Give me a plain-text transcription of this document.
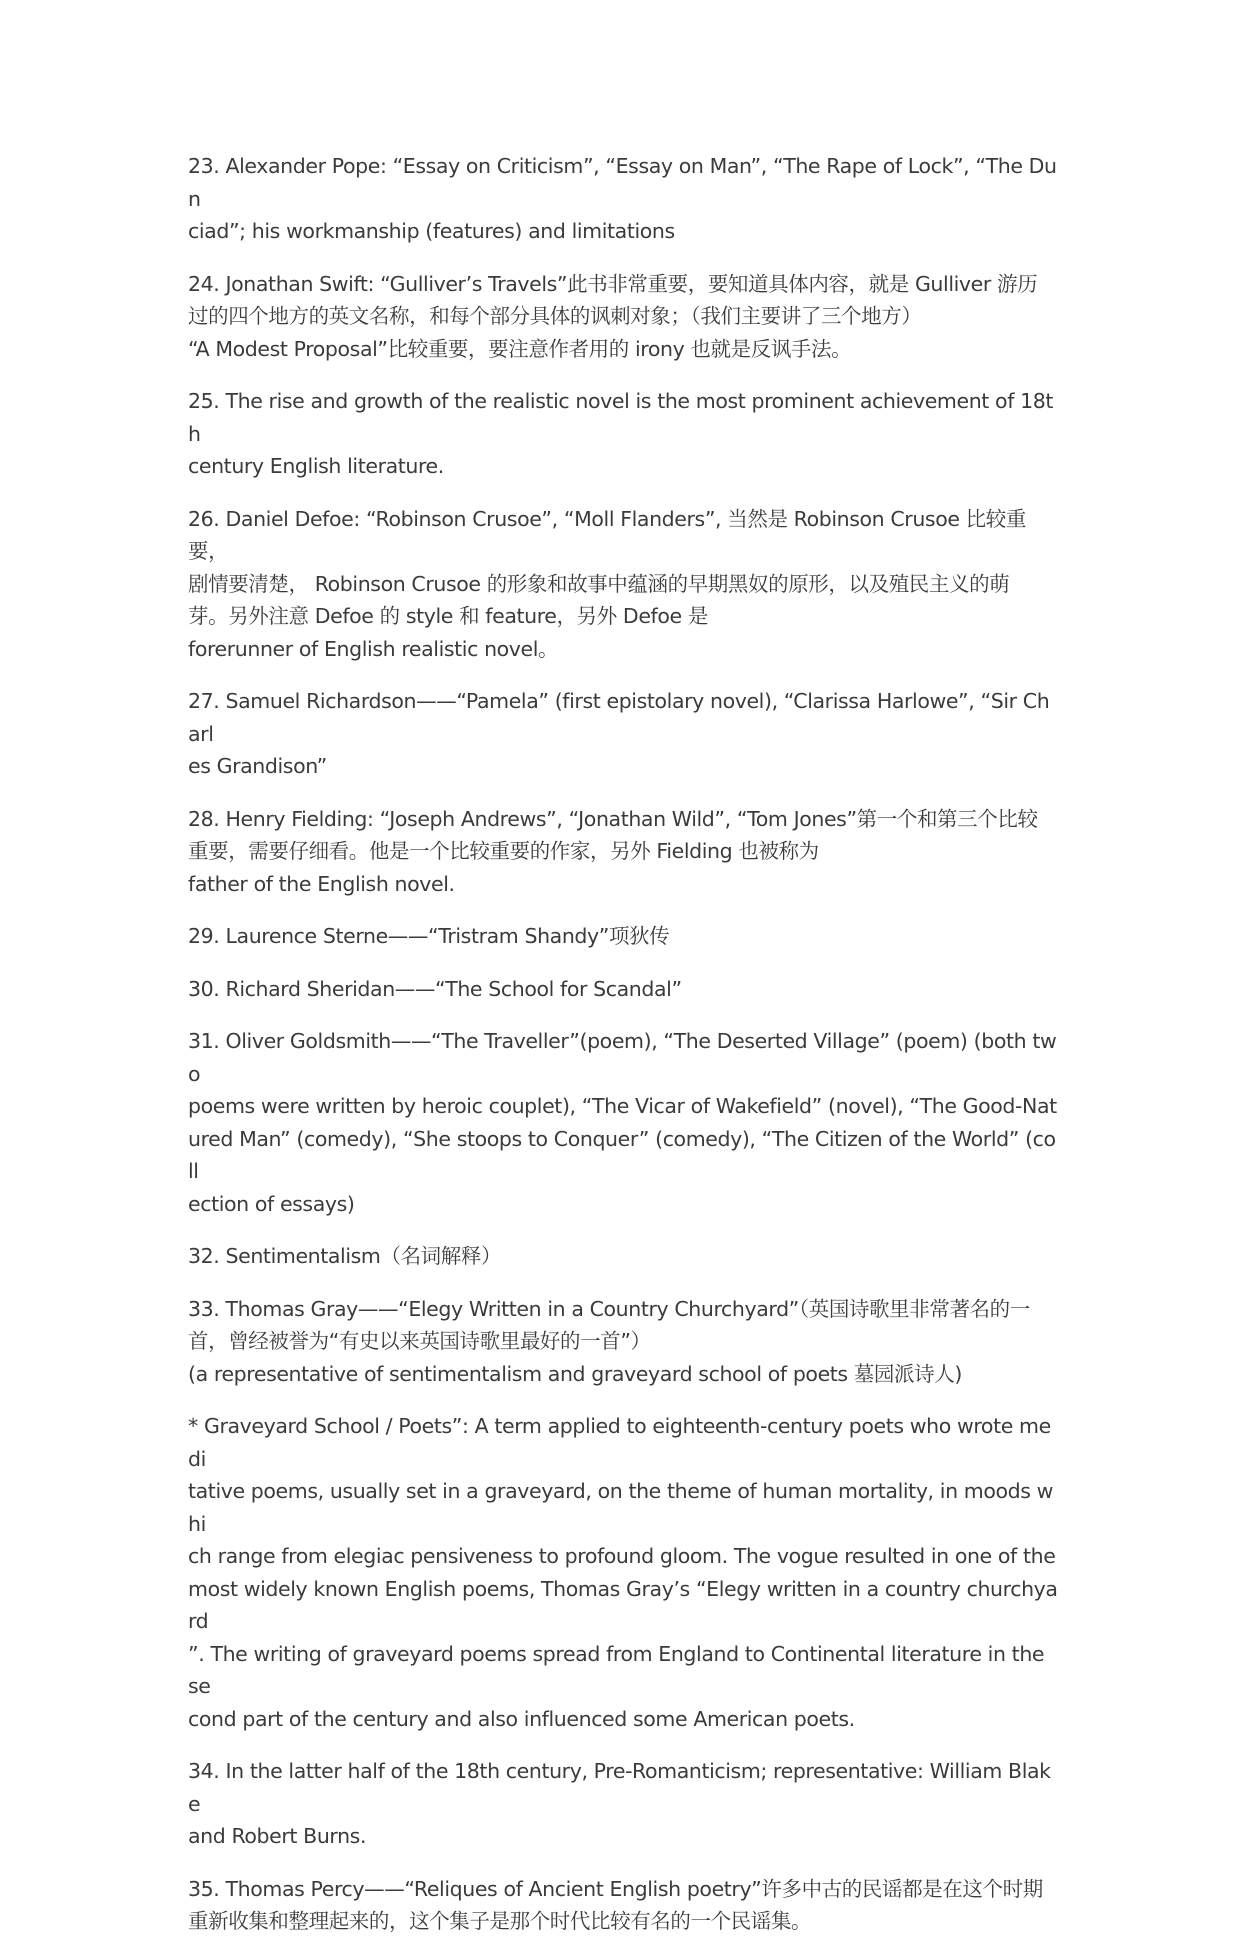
23. Alexander Pope: “Essay on Criticism”, “Essay on Man”, “The Rape of Lock”, “The Dun
ciad”; his workmanship (features) and limitations

24. Jonathan Swift: “Gulliver’s Travels”此书非常重要，要知道具体内容，就是 Gulliver 游历
过的四个地方的英文名称，和每个部分具体的讽刺对象；（我们主要讲了三个地方）
“A Modest Proposal”比较重要，要注意作者用的 irony 也就是反讽手法。

25. The rise and growth of the realistic novel is the most prominent achievement of 18th
century English literature.

26. Daniel Defoe: “Robinson Crusoe”, “Moll Flanders”, 当然是 Robinson Crusoe 比较重要，
剧情要清楚， Robinson Crusoe 的形象和故事中蕴涵的早期黑奴的原形，以及殖民主义的萌
芽。另外注意 Defoe 的 style 和 feature，另外 Defoe 是
forerunner of English realistic novel。

27. Samuel Richardson——“Pamela” (first epistolary novel), “Clarissa Harlowe”, “Sir Charl
es Grandison”

28. Henry Fielding: “Joseph Andrews”, “Jonathan Wild”, “Tom Jones”第一个和第三个比较
重要，需要仔细看。他是一个比较重要的作家，另外 Fielding 也被称为
father of the English novel.

29. Laurence Sterne——“Tristram Shandy”项狄传

30. Richard Sheridan——“The School for Scandal”

31. Oliver Goldsmith——“The Traveller”(poem), “The Deserted Village” (poem) (both two
poems were written by heroic couplet), “The Vicar of Wakefield” (novel), “The Good-Nat
ured Man” (comedy), “She stoops to Conquer” (comedy), “The Citizen of the World” (coll
ection of essays)

32. Sentimentalism（名词解释）

33. Thomas Gray——“Elegy Written in a Country Churchyard”（英国诗歌里非常著名的一
首，曾经被誉为“有史以来英国诗歌里最好的一首”）
(a representative of sentimentalism and graveyard school of poets 墓园派诗人)

* Graveyard School / Poets”: A term applied to eighteenth-century poets who wrote medi
tative poems, usually set in a graveyard, on the theme of human mortality, in moods whi
ch range from elegiac pensiveness to profound gloom. The vogue resulted in one of the
most widely known English poems, Thomas Gray’s “Elegy written in a country churchyard
”. The writing of graveyard poems spread from England to Continental literature in the se
cond part of the century and also influenced some American poets.

34. In the latter half of the 18th century, Pre-Romanticism; representative: William Blake
and Robert Burns.

35. Thomas Percy——“Reliques of Ancient English poetry”许多中古的民谣都是在这个时期
重新收集和整理起来的，这个集子是那个时代比较有名的一个民谣集。
